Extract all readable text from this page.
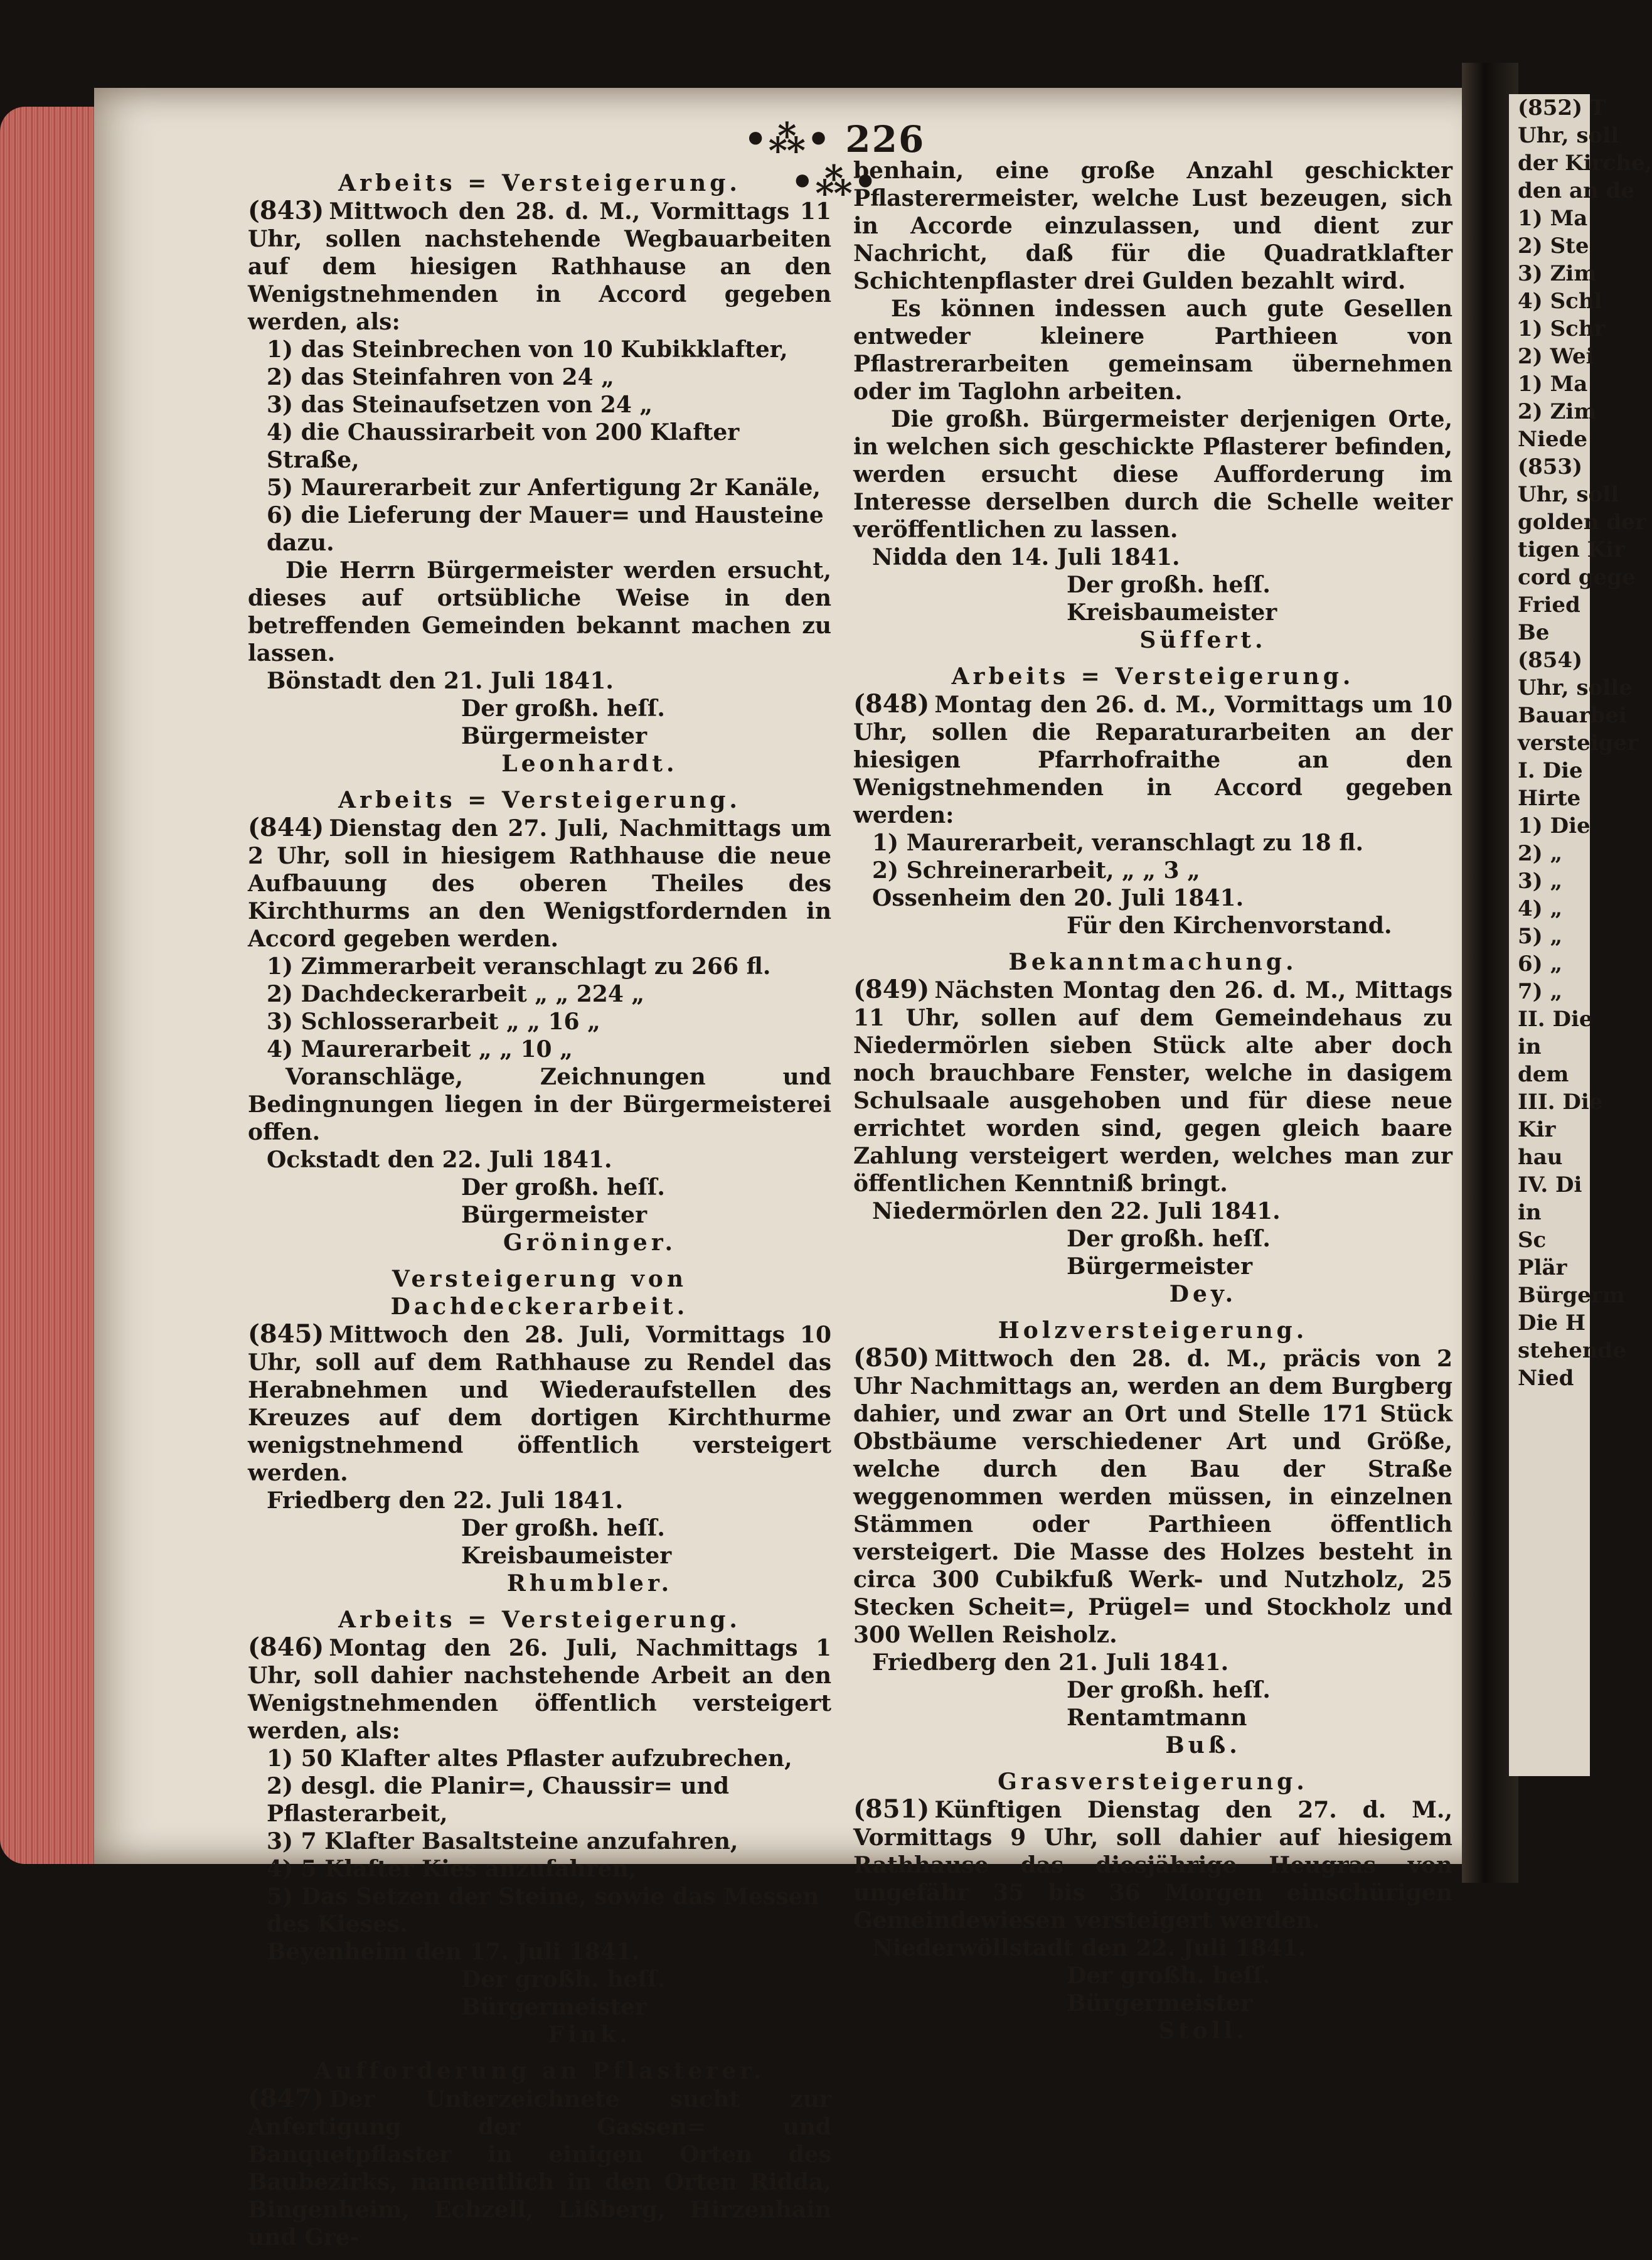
•⁂• 226 •⁂•
Arbeits = Versteigerung.
(843) Mittwoch den 28. d. M., Vormittags 11 Uhr, sollen nachstehende Wegbauarbeiten auf dem hiesigen Rathhause an den Wenigstnehmenden in Accord gegeben werden, als:
1) das Steinbrechen von 10 Kubikklafter,
2) das Steinfahren von 24 „
3) das Steinaufsetzen von 24 „
4) die Chaussirarbeit von 200 Klafter Straße,
5) Maurerarbeit zur Anfertigung 2r Kanäle,
6) die Lieferung der Mauer= und Hausteine dazu.
Die Herrn Bürgermeister werden ersucht, dieses auf ortsübliche Weise in den betreffenden Gemeinden bekannt machen zu lassen.
Bönstadt den 21. Juli 1841.
Der großh. heſſ. Bürgermeister
Leonhardt.
Arbeits = Versteigerung.
(844) Dienstag den 27. Juli, Nachmittags um 2 Uhr, soll in hiesigem Rathhause die neue Aufbauung des oberen Theiles des Kirchthurms an den Wenigstfordernden in Accord gegeben werden.
1) Zimmerarbeit veranschlagt zu 266 fl.
2) Dachdeckerarbeit „ „ 224 „
3) Schlosserarbeit „ „ 16 „
4) Maurerarbeit „ „ 10 „
Voranschläge, Zeichnungen und Bedingnungen liegen in der Bürgermeisterei offen.
Ockstadt den 22. Juli 1841.
Der großh. heſſ. Bürgermeister
Gröninger.
Versteigerung von Dachdeckerarbeit.
(845) Mittwoch den 28. Juli, Vormittags 10 Uhr, soll auf dem Rathhause zu Rendel das Herabnehmen und Wiederaufstellen des Kreuzes auf dem dortigen Kirchthurme wenigstnehmend öffentlich versteigert werden.
Friedberg den 22. Juli 1841.
Der großh. heſſ. Kreisbaumeister
Rhumbler.
Arbeits = Versteigerung.
(846) Montag den 26. Juli, Nachmittags 1 Uhr, soll dahier nachstehende Arbeit an den Wenigstnehmenden öffentlich versteigert werden, als:
1) 50 Klafter altes Pflaster aufzubrechen,
2) desgl. die Planir=, Chaussir= und Pflasterarbeit,
3) 7 Klafter Basaltsteine anzufahren,
4) 5 Klafter Kies anzufahren,
5) Das Setzen der Steine, sowie das Messen des Kieses.
Beyenheim den 17. Juli 1841.
Der großh. heſſ. Bürgermeister
Fink.
Aufforderung an Pflasterer.
(847) Der Unterzeichnete sucht zur Anfertigung der Gassen= und Banquetpflaster in einigen Orten des Baubezirks, namentlich in den Orten Ridda, Bingenheim, Echzell, Lißberg, Hirzenhain und Gre-
benhain, eine große Anzahl geschickter Pflasterermeister, welche Lust bezeugen, sich in Accorde einzulassen, und dient zur Nachricht, daß für die Quadratklafter Schichtenpflaster drei Gulden bezahlt wird.
Es können indessen auch gute Gesellen entweder kleinere Parthieen von Pflastrerarbeiten gemeinsam übernehmen oder im Taglohn arbeiten.
Die großh. Bürgermeister derjenigen Orte, in welchen sich geschickte Pflasterer befinden, werden ersucht diese Aufforderung im Interesse derselben durch die Schelle weiter veröffentlichen zu lassen.
Nidda den 14. Juli 1841.
Der großh. heſſ. Kreisbaumeister
Süffert.
Arbeits = Versteigerung.
(848) Montag den 26. d. M., Vormittags um 10 Uhr, sollen die Reparaturarbeiten an der hiesigen Pfarrhofraithe an den Wenigstnehmenden in Accord gegeben werden:
1) Maurerarbeit, veranschlagt zu 18 fl.
2) Schreinerarbeit, „ „ 3 „
Ossenheim den 20. Juli 1841.
Für den Kirchenvorstand.
Bekanntmachung.
(849) Nächsten Montag den 26. d. M., Mittags 11 Uhr, sollen auf dem Gemeindehaus zu Niedermörlen sieben Stück alte aber doch noch brauchbare Fenster, welche in dasigem Schulsaale ausgehoben und für diese neue errichtet worden sind, gegen gleich baare Zahlung versteigert werden, welches man zur öffentlichen Kenntniß bringt.
Niedermörlen den 22. Juli 1841.
Der großh. heſſ. Bürgermeister
Dey.
Holzversteigerung.
(850) Mittwoch den 28. d. M., präcis von 2 Uhr Nachmittags an, werden an dem Burgberg dahier, und zwar an Ort und Stelle 171 Stück Obstbäume verschiedener Art und Größe, welche durch den Bau der Straße weggenommen werden müssen, in einzelnen Stämmen oder Parthieen öffentlich versteigert. Die Masse des Holzes besteht in circa 300 Cubikfuß Werk- und Nutzholz, 25 Stecken Scheit=, Prügel= und Stockholz und 300 Wellen Reisholz.
Friedberg den 21. Juli 1841.
Der großh. heſſ. Rentamtmann
Buß.
Grasversteigerung.
(851) Künftigen Dienstag den 27. d. M., Vormittags 9 Uhr, soll dahier auf hiesigem Rathhause das diesjährige Heugras von ungefähr 35 bis 36 Morgen einschürigen Gemeindewiesen versteigert werden.
Niederwöllstadt den 22. Juli 1841.
Der großh. heſſ. Bürgermeister
Stoll.
(852) T
Uhr, soll
der Kirche,
den an de
1) Ma
2) Ste
3) Zim
4) Schl
1) Schr
2) Wei
1) Ma
2) Zim
Niede
(853)
Uhr, soll
golden der
tigen Kir
cord gege
Fried
Be
(854)
Uhr, solle
Bauarbei
versteiger
I. Die
Hirte
1) Die
2) „
3) „
4) „
5) „
6) „
7) „
II. Die
in
dem
III. Die
Kir
hau
IV. Di
in
Sc
Plär
Bürgerm
Die H
stehende
Nied
